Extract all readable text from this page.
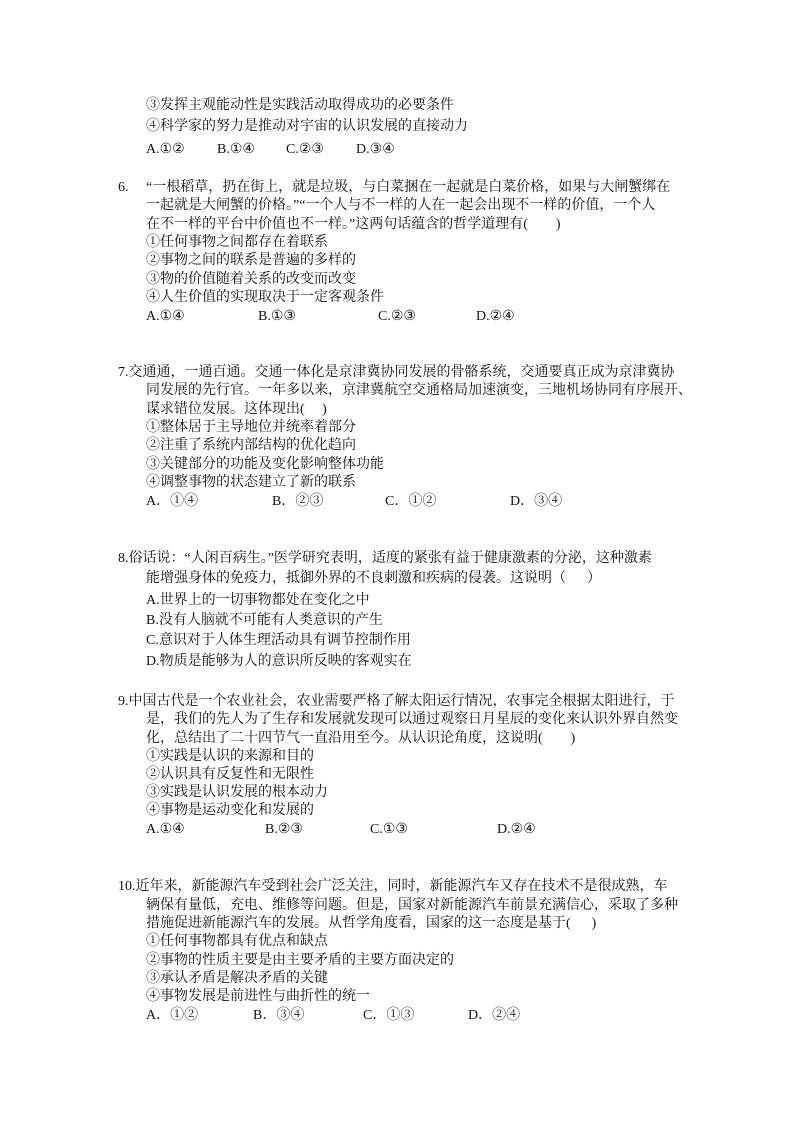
③发挥主观能动性是实践活动取得成功的必要条件
④科学家的努力是推动对宇宙的认识发展的直接动力
A.①② B.①④ C.②③ D.③④
6. “一根稻草，扔在街上，就是垃圾，与白菜捆在一起就是白菜价格，如果与大闸蟹绑在
一起就是大闸蟹的价格。”“一个人与不一样的人在一起会出现不一样的价值，一个人
在不一样的平台中价值也不一样。”这两句话蕴含的哲学道理有(        )
①任何事物之间都存在着联系
②事物之间的联系是普遍的多样的
③物的价值随着关系的改变而改变
④人生价值的实现取决于一定客观条件
A.①④	B.①③	C.②③	D.②④
7.交通通，一通百通。交通一体化是京津冀协同发展的骨骼系统，交通要真正成为京津冀协
同发展的先行官。一年多以来，京津冀航空交通格局加速演变，三地机场协同有序展开、
谋求错位发展。这体现出(     )
①整体居于主导地位并统率着部分
②注重了系统内部结构的优化趋向
③关键部分的功能及变化影响整体功能
④调整事物的状态建立了新的联系
A．①④	B．②③	C．①②	D．③④
8.俗话说：“人闲百病生。”医学研究表明，适度的紧张有益于健康激素的分泌，这种激素
能增强身体的免疫力，抵御外界的不良刺激和疾病的侵袭。这说明（      ）
A.世界上的一切事物都处在变化之中
B.没有人脑就不可能有人类意识的产生
C.意识对于人体生理活动具有调节控制作用
D.物质是能够为人的意识所反映的客观实在
9.中国古代是一个农业社会，农业需要严格了解太阳运行情况，农事完全根据太阳进行，于
是，我们的先人为了生存和发展就发现可以通过观察日月星辰的变化来认识外界自然变
化，总结出了二十四节气一直沿用至今。从认识论角度，这说明(        )
①实践是认识的来源和目的
②认识具有反复性和无限性
③实践是认识发展的根本动力
④事物是运动变化和发展的
A.①④	B.②③	C.①③	D.②④
10.近年来，新能源汽车受到社会广泛关注，同时，新能源汽车又存在技术不是很成熟，车
辆保有量低，充电、维修等问题。但是，国家对新能源汽车前景充满信心，采取了多种
措施促进新能源汽车的发展。从哲学角度看，国家的这一态度是基于(      )
①任何事物都具有优点和缺点
②事物的性质主要是由主要矛盾的主要方面决定的
③承认矛盾是解决矛盾的关键
④事物发展是前进性与曲折性的统一
A．①②	B．③④	C．①③	D．②④
